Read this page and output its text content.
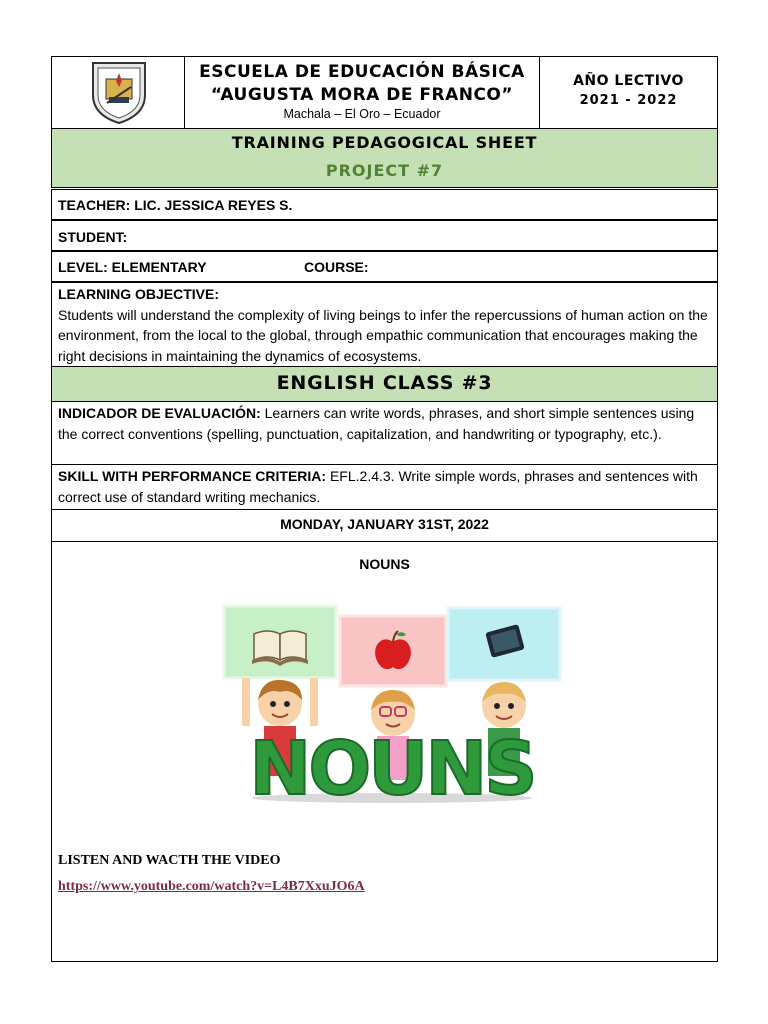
ESCUELA DE EDUCACIÓN BÁSICA
“AUGUSTA MORA DE FRANCO”
Machala – El Oro – Ecuador
AÑO LECTIVO
2021 - 2022
TRAINING PEDAGOGICAL SHEET
PROJECT #7
TEACHER: LIC. JESSICA REYES S.
STUDENT:
LEVEL: ELEMENTARY	COURSE:
LEARNING OBJECTIVE:
Students will understand the complexity of living beings to infer the repercussions of human action on the environment, from the local to the global, through empathic communication that encourages making the right decisions in maintaining the dynamics of ecosystems.
ENGLISH CLASS #3
INDICADOR DE EVALUACIÓN: Learners can write words, phrases, and short simple sentences using the correct conventions (spelling, punctuation, capitalization, and handwriting or typography, etc.).
SKILL WITH PERFORMANCE CRITERIA: EFL.2.4.3. Write simple words, phrases and sentences with correct use of standard writing mechanics.
MONDAY, JANUARY 31ST, 2022
NOUNS
NOUNS
LISTEN AND WACTH THE VIDEO
https://www.youtube.com/watch?v=L4B7XxuJO6A
